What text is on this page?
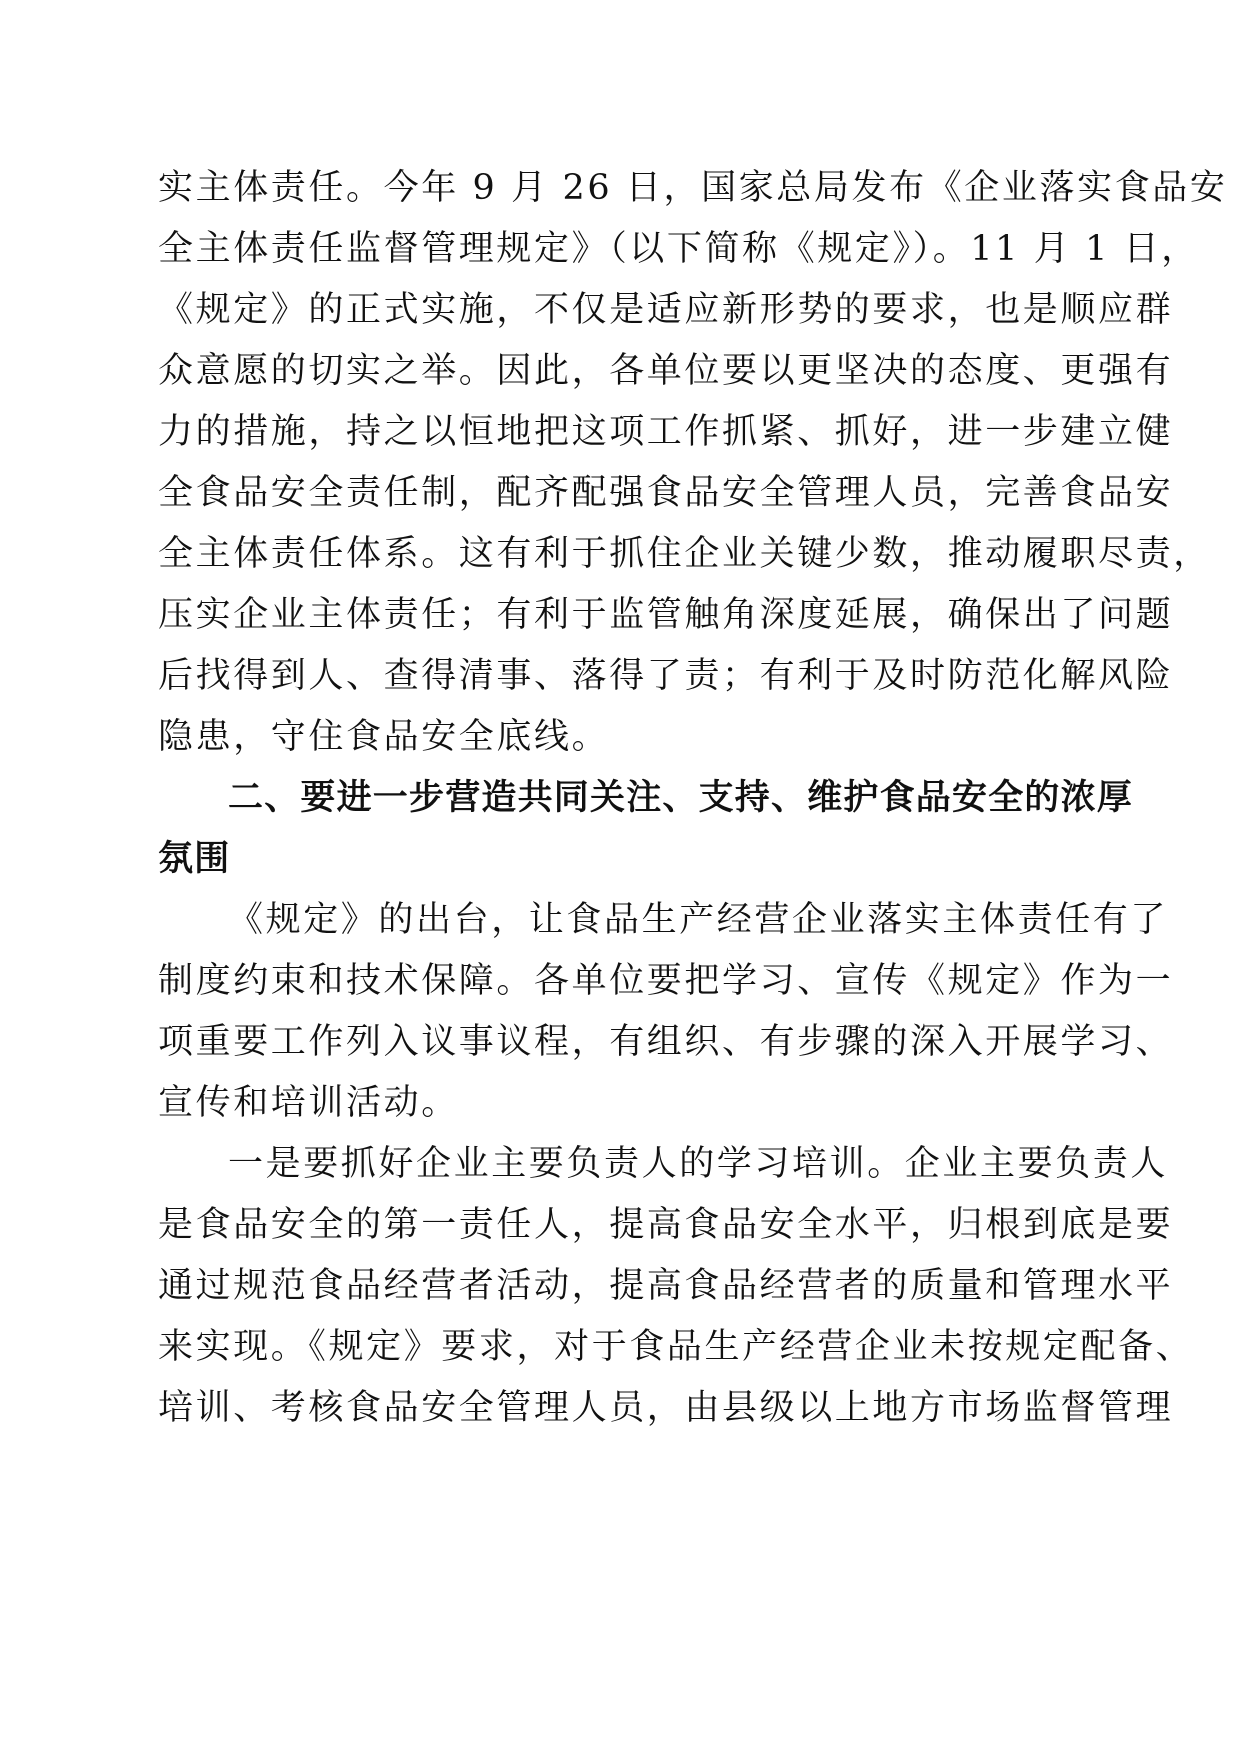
实主体责任。今年 9 月 26 日，国家总局发布《企业落实食品安
全主体责任监督管理规定》（以下简称《规定》）。11 月 1 日，
《规定》的正式实施，不仅是适应新形势的要求，也是顺应群
众意愿的切实之举。因此，各单位要以更坚决的态度、更强有
力的措施，持之以恒地把这项工作抓紧、抓好，进一步建立健
全食品安全责任制，配齐配强食品安全管理人员，完善食品安
全主体责任体系。这有利于抓住企业关键少数，推动履职尽责，
压实企业主体责任；有利于监管触角深度延展，确保出了问题
后找得到人、查得清事、落得了责；有利于及时防范化解风险
隐患，守住食品安全底线。
二、要进一步营造共同关注、支持、维护食品安全的浓厚
氛围
《规定》的出台，让食品生产经营企业落实主体责任有了
制度约束和技术保障。各单位要把学习、宣传《规定》作为一
项重要工作列入议事议程，有组织、有步骤的深入开展学习、
宣传和培训活动。
一是要抓好企业主要负责人的学习培训。企业主要负责人
是食品安全的第一责任人，提高食品安全水平，归根到底是要
通过规范食品经营者活动，提高食品经营者的质量和管理水平
来实现。《规定》要求，对于食品生产经营企业未按规定配备、
培训、考核食品安全管理人员，由县级以上地方市场监督管理
